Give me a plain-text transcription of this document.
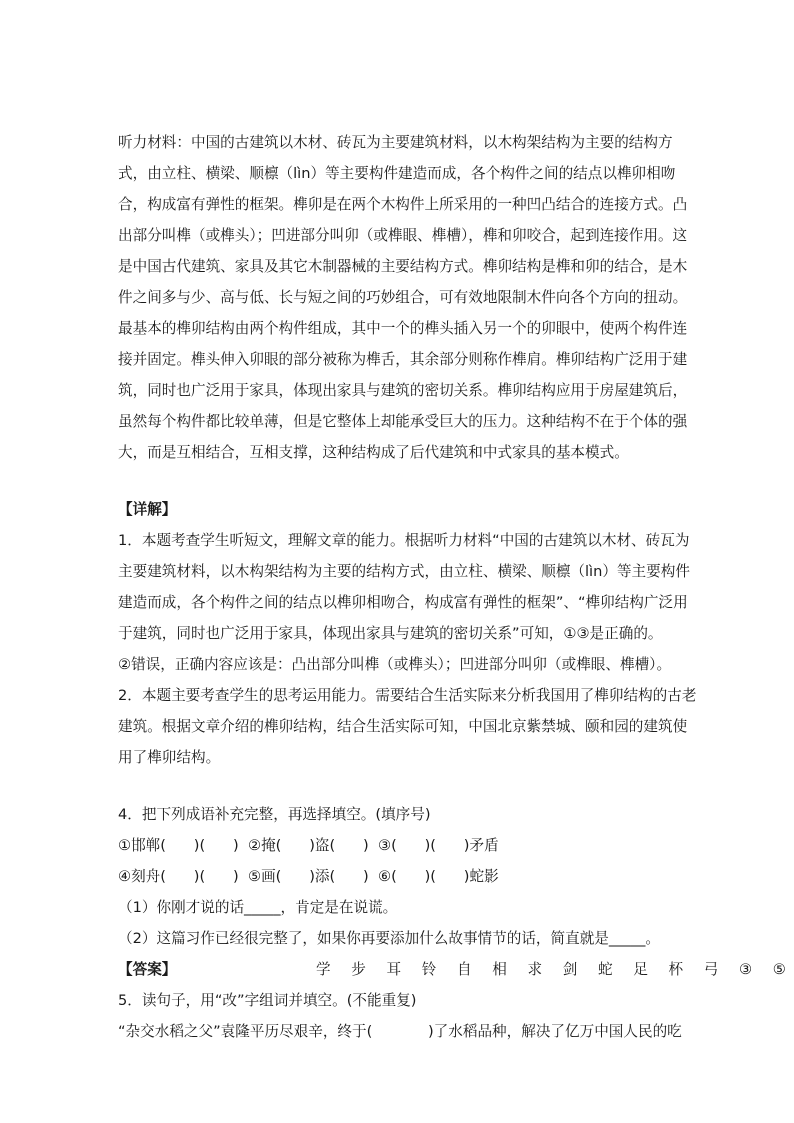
听力材料：中国的古建筑以木材、砖瓦为主要建筑材料，以木构架结构为主要的结构方
式，由立柱、横梁、顺檩（lìn）等主要构件建造而成，各个构件之间的结点以榫卯相吻
合，构成富有弹性的框架。榫卯是在两个木构件上所采用的一种凹凸结合的连接方式。凸
出部分叫榫（或榫头）；凹进部分叫卯（或榫眼、榫槽），榫和卯咬合，起到连接作用。这
是中国古代建筑、家具及其它木制器械的主要结构方式。榫卯结构是榫和卯的结合，是木
件之间多与少、高与低、长与短之间的巧妙组合，可有效地限制木件向各个方向的扭动。
最基本的榫卯结构由两个构件组成，其中一个的榫头插入另一个的卯眼中，使两个构件连
接并固定。榫头伸入卯眼的部分被称为榫舌，其余部分则称作榫肩。榫卯结构广泛用于建
筑，同时也广泛用于家具，体现出家具与建筑的密切关系。榫卯结构应用于房屋建筑后，
虽然每个构件都比较单薄，但是它整体上却能承受巨大的压力。这种结构不在于个体的强
大，而是互相结合，互相支撑，这种结构成了后代建筑和中式家具的基本模式。
【详解】
1．本题考查学生听短文，理解文章的能力。根据听力材料“中国的古建筑以木材、砖瓦为
主要建筑材料，以木构架结构为主要的结构方式，由立柱、横梁、顺檩（lìn）等主要构件
建造而成，各个构件之间的结点以榫卯相吻合，构成富有弹性的框架”、“榫卯结构广泛用
于建筑，同时也广泛用于家具，体现出家具与建筑的密切关系”可知，①③是正确的。
②错误，正确内容应该是：凸出部分叫榫（或榫头）；凹进部分叫卯（或榫眼、榫槽）。
2．本题主要考查学生的思考运用能力。需要结合生活实际来分析我国用了榫卯结构的古老
建筑。根据文章介绍的榫卯结构，结合生活实际可知，中国北京紫禁城、颐和园的建筑使
用了榫卯结构。
4．把下列成语补充完整，再选择填空。(填序号)
①邯郸(      )(      )  ②掩(      )盗(      )  ③(      )(      )矛盾
④刻舟(      )(      )  ⑤画(      )添(      )  ⑥(      )(      )蛇影
（1）你刚才说的话_____，肯定是在说谎。
（2）这篇习作已经很完整了，如果你再要添加什么故事情节的话，简直就是_____。
【答案】	学 步 耳 铃 自 相 求 剑 蛇 足 杯 弓 ③ ⑤
5．读句子，用“改”字组词并填空。(不能重复)
“杂交水稻之父”袁隆平历尽艰辛，终于(            )了水稻品种，解决了亿万中国人民的吃
